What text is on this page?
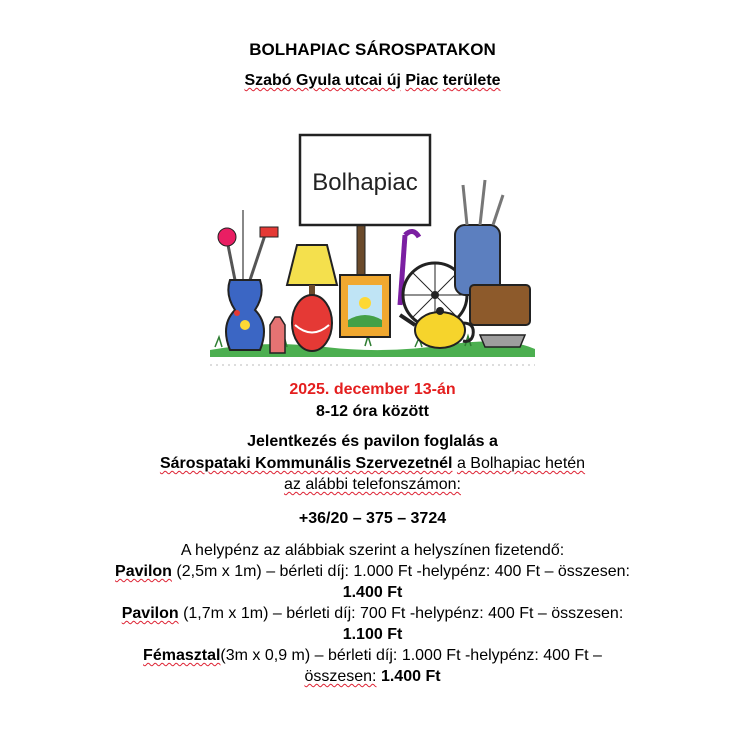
BOLHAPIAC SÁROSPATAKON
Szabó Gyula utcai új Piac területe
Bolhapiac
2025. december 13-án
8-12 óra között
Jelentkezés és pavilon foglalás a
Sárospataki Kommunális Szervezetnél a Bolhapiac hetén
az alábbi telefonszámon:
+36/20 – 375 – 3724
A helypénz az alábbiak szerint a helyszínen fizetendő:
Pavilon (2,5m x 1m) – bérleti díj: 1.000 Ft -helypénz: 400 Ft – összesen:
1.400 Ft
Pavilon (1,7m x 1m) – bérleti díj: 700 Ft -helypénz: 400 Ft – összesen:
1.100 Ft
Fémasztal(3m x 0,9 m) – bérleti díj: 1.000 Ft -helypénz: 400 Ft –
összesen: 1.400 Ft
